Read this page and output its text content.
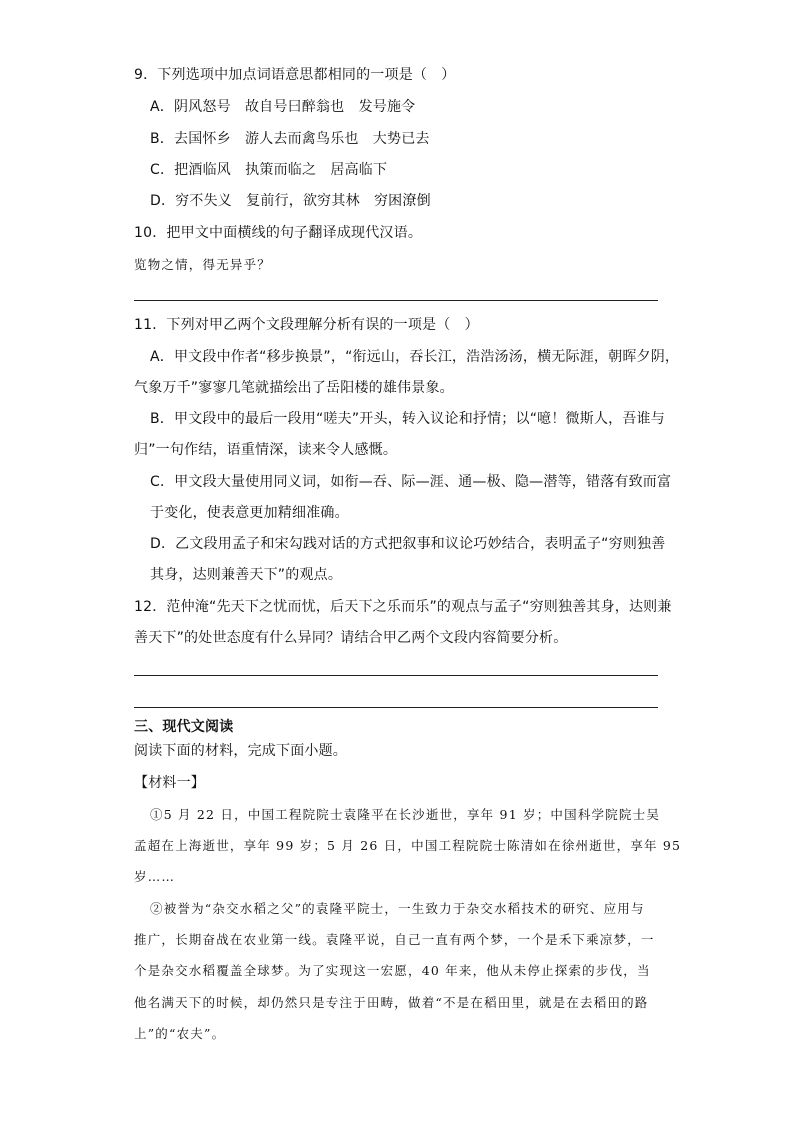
9．下列选项中加点词语意思都相同的一项是（　）

A．阴风怒号　故自号曰醉翁也　发号施令

B．去国怀乡　游人去而禽鸟乐也　大势已去

C．把酒临风　执策而临之　居高临下

D．穷不失义　复前行，欲穷其林　穷困潦倒

10．把甲文中面横线的句子翻译成现代汉语。

览物之情，得无异乎？

11．下列对甲乙两个文段理解分析有误的一项是（　）

A．甲文段中作者“移步换景”，“衔远山，吞长江，浩浩汤汤，横无际涯，朝晖夕阴，

气象万千”寥寥几笔就描绘出了岳阳楼的雄伟景象。

B．甲文段中的最后一段用“嗟夫”开头，转入议论和抒情；以“噫！微斯人，吾谁与

归”一句作结，语重情深，读来令人感慨。

C．甲文段大量使用同义词，如衔—吞、际—涯、通—极、隐—潜等，错落有致而富

于变化，使表意更加精细准确。

D．乙文段用孟子和宋勾践对话的方式把叙事和议论巧妙结合，表明孟子“穷则独善

其身，达则兼善天下”的观点。

12．范仲淹“先天下之忧而忧，后天下之乐而乐”的观点与孟子“穷则独善其身，达则兼

善天下”的处世态度有什么异同？请结合甲乙两个文段内容简要分析。

三、现代文阅读

阅读下面的材料，完成下面小题。

【材料一】

①5 月 22 日，中国工程院院士袁隆平在长沙逝世，享年 91 岁；中国科学院院士吴

孟超在上海逝世，享年 99 岁；5 月 26 日，中国工程院院士陈清如在徐州逝世，享年 95

岁……

②被誉为“杂交水稻之父”的袁隆平院士，一生致力于杂交水稻技术的研究、应用与

推广，长期奋战在农业第一线。袁隆平说，自己一直有两个梦，一个是禾下乘凉梦，一

个是杂交水稻覆盖全球梦。为了实现这一宏愿，40 年来，他从未停止探索的步伐，当

他名满天下的时候，却仍然只是专注于田畴，做着“不是在稻田里，就是在去稻田的路

上”的“农夫”。
